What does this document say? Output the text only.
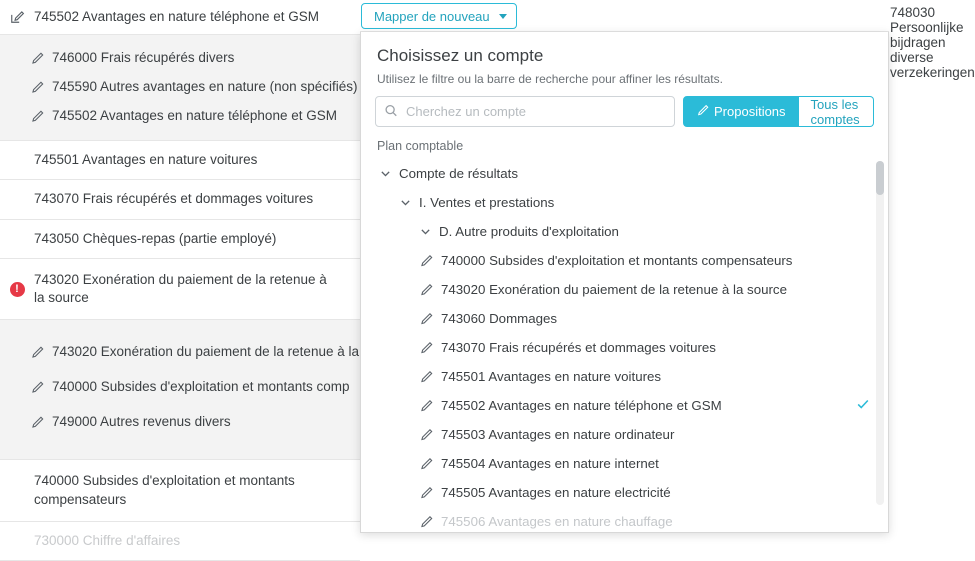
745502 Avantages en nature téléphone et GSM
746000 Frais récupérés divers
745590 Autres avantages en nature (non spécifiés)
745502 Avantages en nature téléphone et GSM
745501 Avantages en nature voitures
743070 Frais récupérés et dommages voitures
743050 Chèques-repas (partie employé)
!
743020 Exonération du paiement de la retenue à la source
743020 Exonération du paiement de la retenue à la
740000 Subsides d'exploitation et montants comp
749000 Autres revenus divers
740000 Subsides d'exploitation et montants compensateurs
730000 Chiffre d'affaires
748030 Persoonlijke bijdragen diverse verzekeringen
Mapper de nouveau
Choisissez un compte
Utilisez le filtre ou la barre de recherche pour affiner les résultats.
Cherchez un compte
Propositions Tous les comptes
Plan comptable
Compte de résultats
I. Ventes et prestations
D. Autre produits d'exploitation
740000 Subsides d'exploitation et montants compensateurs
743020 Exonération du paiement de la retenue à la source
743060 Dommages
743070 Frais récupérés et dommages voitures
745501 Avantages en nature voitures
745502 Avantages en nature téléphone et GSM
745503 Avantages en nature ordinateur
745504 Avantages en nature internet
745505 Avantages en nature electricité
745506 Avantages en nature chauffage
